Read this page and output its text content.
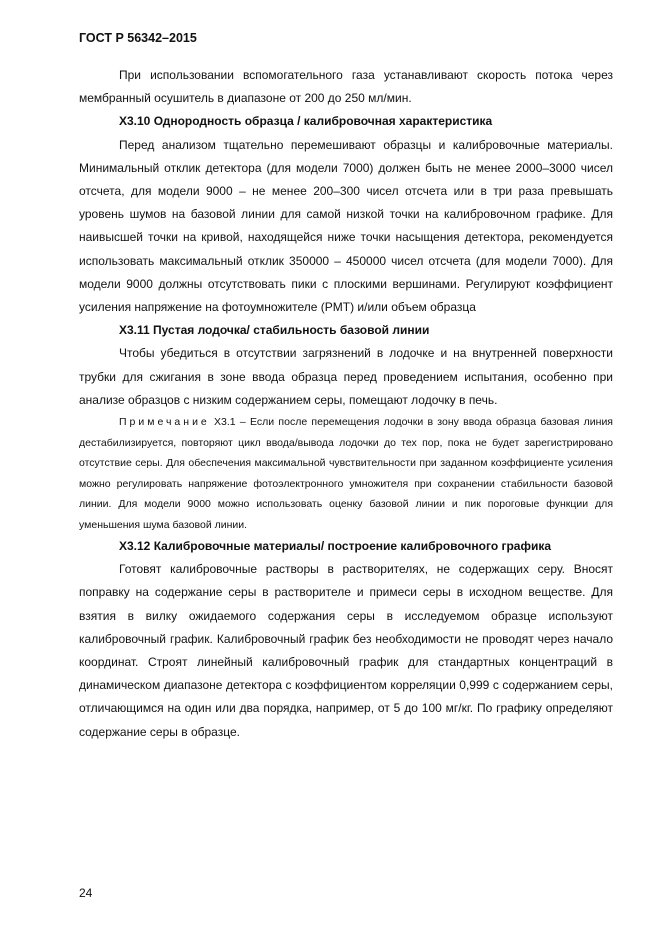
ГОСТ Р 56342–2015

При использовании вспомогательного газа устанавливают скорость потока через мембранный осушитель в диапазоне от 200 до 250 мл/мин.

Х3.10 Однородность образца / калибровочная характеристика

Перед анализом тщательно перемешивают образцы и калибровочные материалы. Минимальный отклик детектора (для модели 7000) должен быть не менее 2000–3000 чисел отсчета, для модели 9000 – не менее 200–300 чисел отсчета или в три раза превышать уровень шумов на базовой линии для самой низкой точки на калибровочном графике. Для наивысшей точки на кривой, находящейся ниже точки насыщения детектора, рекомендуется использовать максимальный отклик 350000 – 450000 чисел отсчета (для модели 7000). Для модели 9000 должны отсутствовать пики с плоскими вершинами. Регулируют коэффициент усиления напряжение на фотоумножителе (PMT) и/или объем образца

Х3.11 Пустая лодочка/ стабильность базовой линии

Чтобы убедиться в отсутствии загрязнений в лодочке и на внутренней поверхности трубки для сжигания в зоне ввода образца перед проведением испытания, особенно при анализе образцов с низким содержанием серы, помещают лодочку в печь.

Примечание Х3.1 – Если после перемещения лодочки в зону ввода образца базовая линия дестабилизируется, повторяют цикл ввода/вывода лодочки до тех пор, пока не будет зарегистрировано отсутствие серы. Для обеспечения максимальной чувствительности при заданном коэффициенте усиления можно регулировать напряжение фотоэлектронного умножителя при сохранении стабильности базовой линии. Для модели 9000 можно использовать оценку базовой линии и пик пороговые функции для уменьшения шума базовой линии.

Х3.12 Калибровочные материалы/ построение калибровочного графика

Готовят калибровочные растворы в растворителях, не содержащих серу. Вносят поправку на содержание серы в растворителе и примеси серы в исходном веществе. Для взятия в вилку ожидаемого содержания серы в исследуемом образце используют калибровочный график. Калибровочный график без необходимости не проводят через начало координат. Строят линейный калибровочный график для стандартных концентраций в динамическом диапазоне детектора с коэффициентом корреляции 0,999 с содержанием серы, отличающимся на один или два порядка, например, от 5 до 100 мг/кг. По графику определяют содержание серы в образце.

24
